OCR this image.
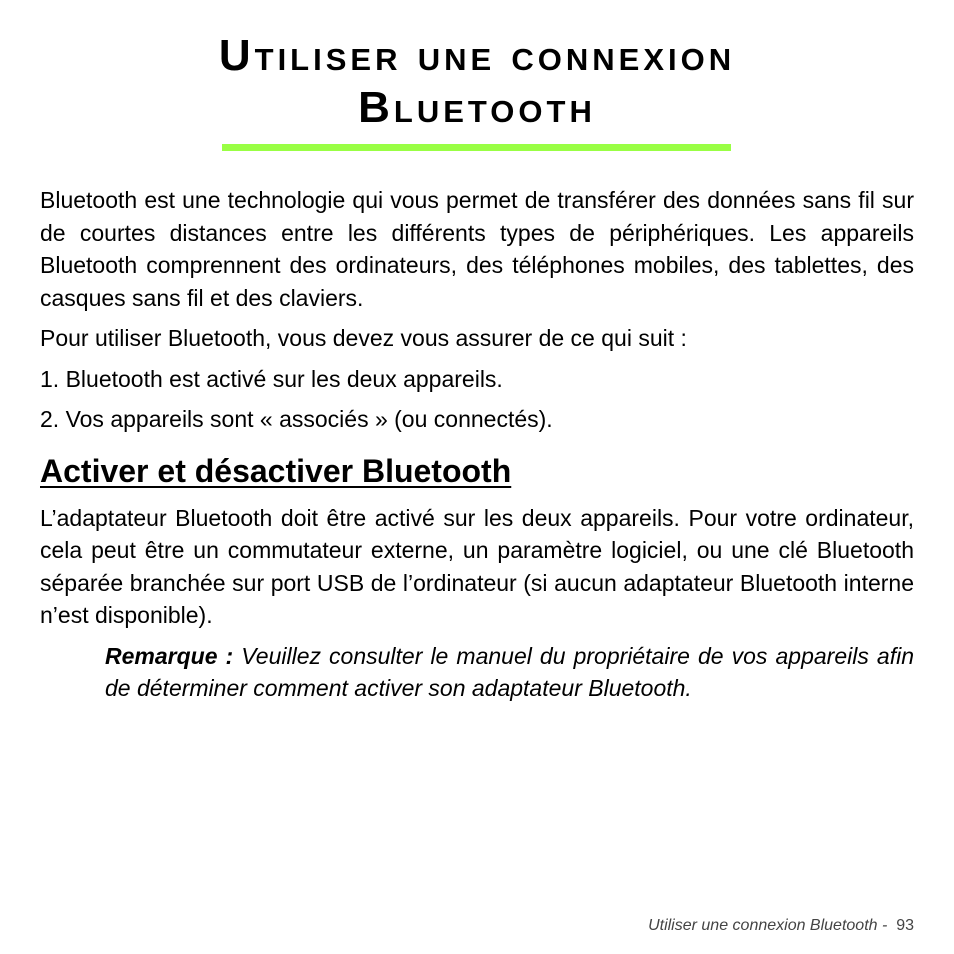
Utiliser une connexion
Bluetooth

Bluetooth est une technologie qui vous permet de transférer des données sans fil sur de courtes distances entre les différents types de périphériques. Les appareils Bluetooth comprennent des ordinateurs, des téléphones mobiles, des tablettes, des casques sans fil et des claviers.

Pour utiliser Bluetooth, vous devez vous assurer de ce qui suit :

1. Bluetooth est activé sur les deux appareils.

2. Vos appareils sont « associés » (ou connectés).

Activer et désactiver Bluetooth

L’adaptateur Bluetooth doit être activé sur les deux appareils. Pour votre ordinateur, cela peut être un commutateur externe, un paramètre logiciel, ou une clé Bluetooth séparée branchée sur port USB de l’ordinateur (si aucun adaptateur Bluetooth interne n’est disponible).

Remarque : Veuillez consulter le manuel du propriétaire de vos appareils afin de déterminer comment activer son adaptateur Bluetooth.

Utiliser une connexion Bluetooth -  93
